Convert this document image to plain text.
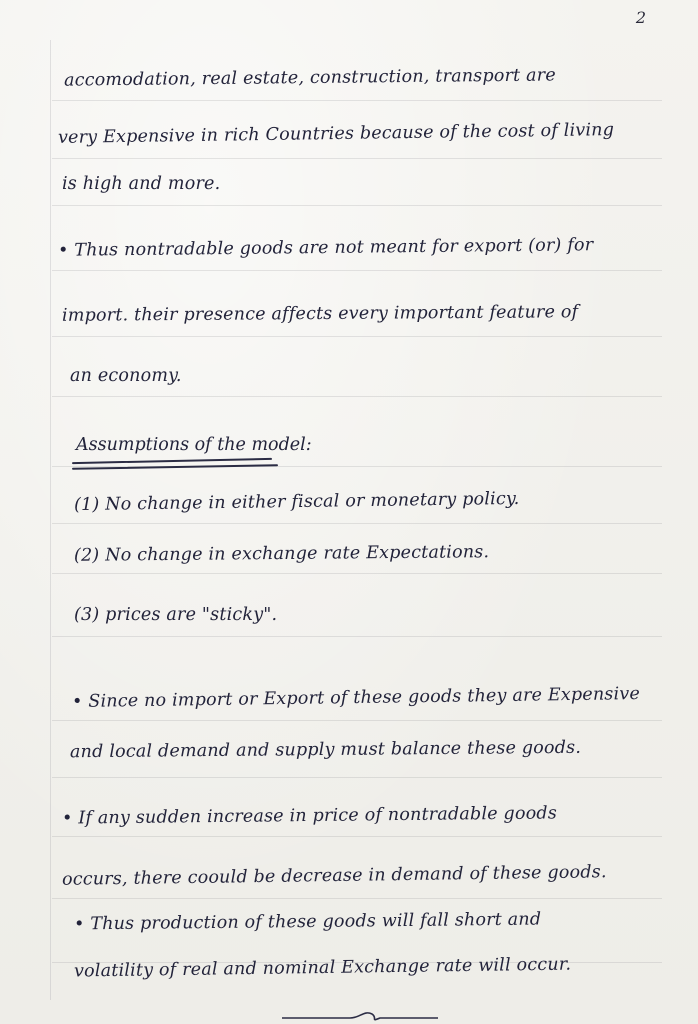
2
accomodation, real estate, construction, transport are
very Expensive in rich Countries because of the cost of living
is high and more.
• Thus nontradable goods are not meant for export (or) for
import. their presence affects every important feature of
an economy.
Assumptions of the model:
(1) No change in either fiscal or monetary policy.
(2) No change in exchange rate Expectations.
(3) prices are "sticky".
• Since no import or Export of these goods they are Expensive
and local demand and supply must balance these goods.
• If any sudden increase in price of nontradable goods
occurs, there coould be decrease in demand of these goods.
• Thus production of these goods will fall short and
volatility of real and nominal Exchange rate will occur.
